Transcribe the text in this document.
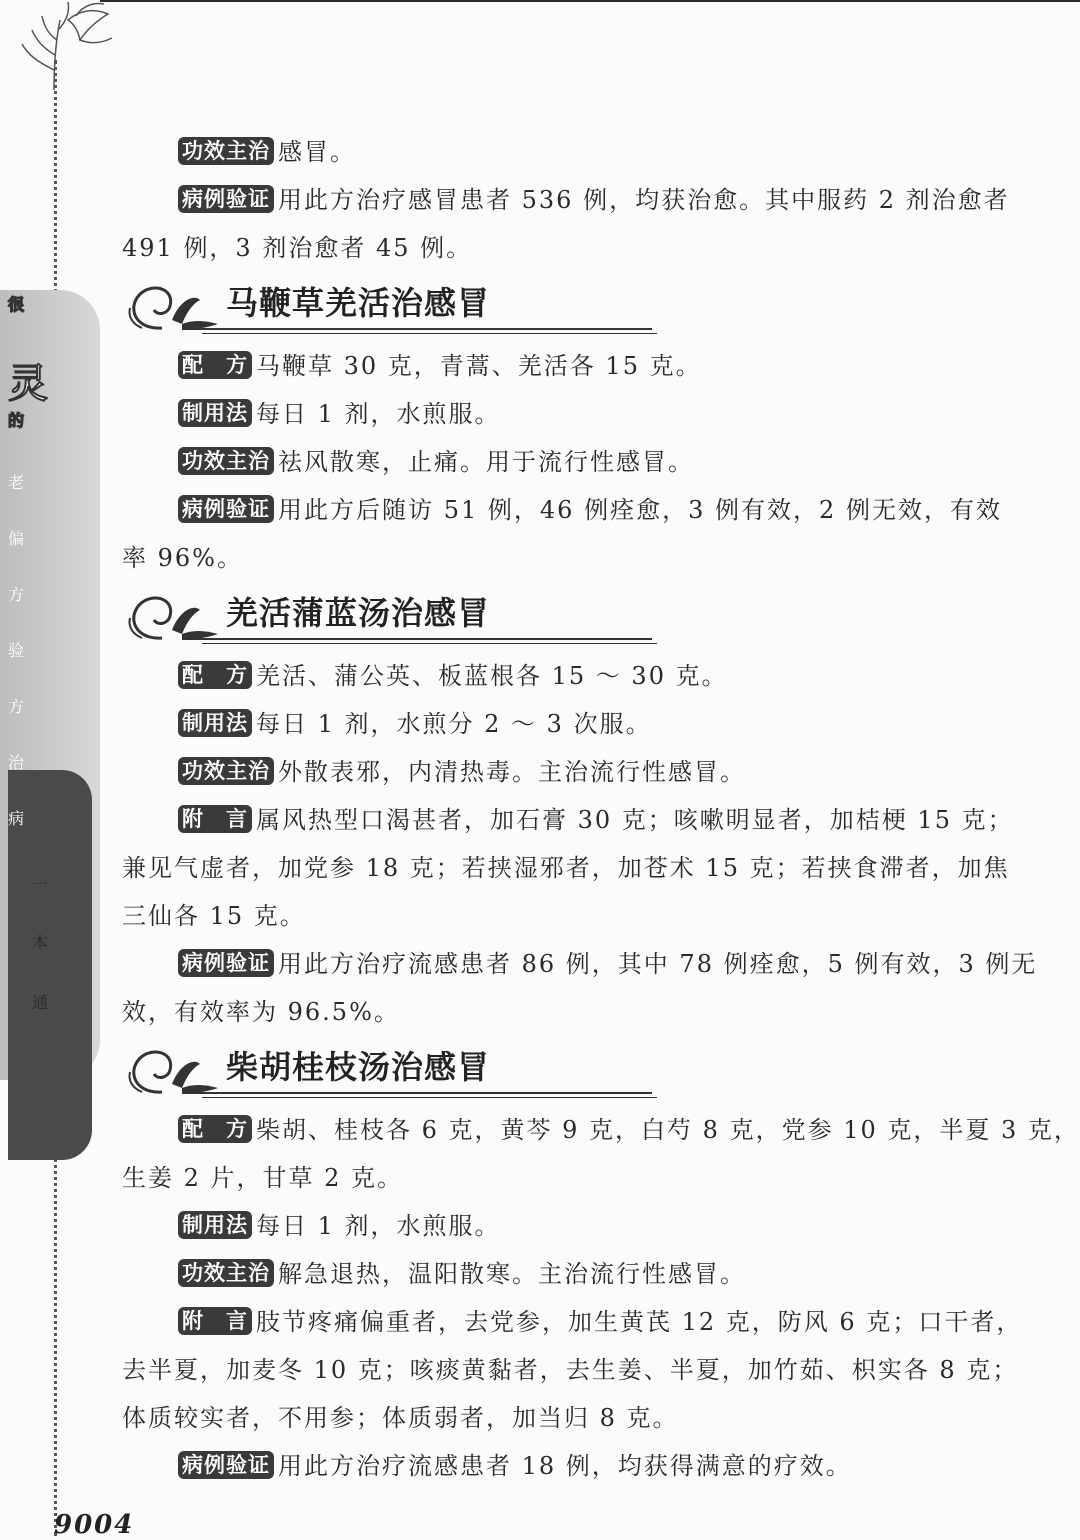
很
灵
的
老
偏
方
验
方
治
病
一
本
通
9004
功效主治 感冒。
病例验证 用此方治疗感冒患者 536 例，均获治愈。其中服药 2 剂治愈者
491 例，3 剂治愈者 45 例。
马鞭草羌活治感冒
配　方 马鞭草 30 克，青蒿、羌活各 15 克。
制用法 每日 1 剂，水煎服。
功效主治 祛风散寒，止痛。用于流行性感冒。
病例验证 用此方后随访 51 例，46 例痊愈，3 例有效，2 例无效，有效
率 96%。
羌活蒲蓝汤治感冒
配　方 羌活、蒲公英、板蓝根各 15 ～ 30 克。
制用法 每日 1 剂，水煎分 2 ～ 3 次服。
功效主治 外散表邪，内清热毒。主治流行性感冒。
附　言 属风热型口渴甚者，加石膏 30 克；咳嗽明显者，加桔梗 15 克；
兼见气虚者，加党参 18 克；若挟湿邪者，加苍术 15 克；若挟食滞者，加焦
三仙各 15 克。
病例验证 用此方治疗流感患者 86 例，其中 78 例痊愈，5 例有效，3 例无
效，有效率为 96.5%。
柴胡桂枝汤治感冒
配　方 柴胡、桂枝各 6 克，黄芩 9 克，白芍 8 克，党参 10 克，半夏 3 克，
生姜 2 片，甘草 2 克。
制用法 每日 1 剂，水煎服。
功效主治 解急退热，温阳散寒。主治流行性感冒。
附　言 肢节疼痛偏重者，去党参，加生黄芪 12 克，防风 6 克；口干者，
去半夏，加麦冬 10 克；咳痰黄黏者，去生姜、半夏，加竹茹、枳实各 8 克；
体质较实者，不用参；体质弱者，加当归 8 克。
病例验证 用此方治疗流感患者 18 例，均获得满意的疗效。
